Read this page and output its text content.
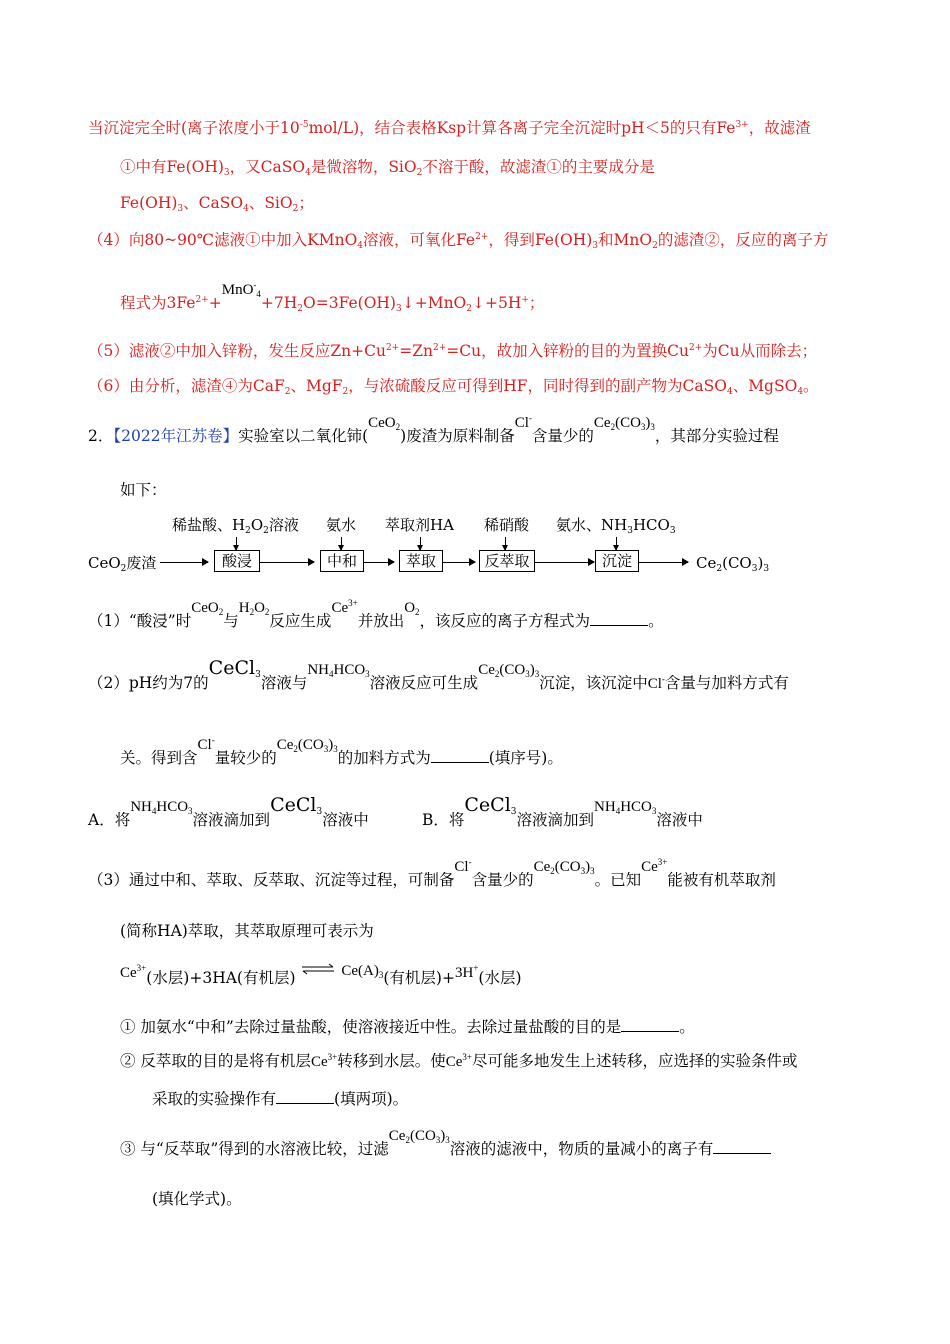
当沉淀完全时(离子浓度小于$10^{-5}mol/L$)，结合表格Ksp计算各离子完全沉淀时pH＜5的只有$Fe^{3+}$，故滤渣
①中有$Fe(OH)_3$，又CaSO$_4$是微溶物，SiO$_2$不溶于酸，故滤渣①的主要成分是
$Fe(OH)_3$、CaSO$_4$、SiO$_2$；
（4）向80~90℃滤液①中加入KMnO$_4$溶液，可氧化$Fe^{2+}$，得到$Fe(OH)_3$和MnO$_2$的滤渣②，反应的离子方
程式为$3Fe^{2+}+MnO^-_4+7H_2O=3Fe(OH)_3↓+MnO_2↓+5H^+$；
（5）滤液②中加入锌粉，发生反应$Zn+Cu^{2+}=Zn^{2+}=Cu$，故加入锌粉的目的为置换$Cu^{2+}$为Cu从而除去；
（6）由分析，滤渣④为CaF$_2$、MgF$_2$，与浓硫酸反应可得到HF，同时得到的副产物为CaSO$_4$、MgSO$_4$。
2．【2022年江苏卷】实验室以二氧化铈(CeO$_2$)废渣为原料制备Cl-含量少的$Ce_2(CO_3)_3$，其部分实验过程
如下：
稀盐酸、$H_2O_2$溶液 氨水 萃取剂HA 稀硝酸 氨水、$NH_3HCO_3$
CeO$_2$废渣	酸浸	中和	萃取	反萃取	沉淀	$Ce_2(CO_3)_3$
（1）“酸浸”时CeO$_2$与$H_2O_2$反应生成$Ce^{3+}$并放出$O_2$，该反应的离子方程式为	。
（2）pH约为7的CeCl$_3$溶液与$NH_4HCO_3$溶液反应可生成$Ce_2(CO_3)_3$沉淀，该沉淀中Cl-含量与加料方式有
关。得到含Cl-量较少的$Ce_2(CO_3)_3$的加料方式为	(填序号)。
A．将$NH_4HCO_3$溶液滴加到CeCl$_3$溶液中	B．将CeCl$_3$溶液滴加到$NH_4HCO_3$溶液中
（3）通过中和、萃取、反萃取、沉淀等过程，可制备Cl-含量少的$Ce_2(CO_3)_3$。已知$Ce^{3+}$能被有机萃取剂
(简称HA)萃取，其萃取原理可表示为
$Ce^{3+}$(水层)+3HA(有机层) ⇌ $Ce(A)_3$(有机层)+3H+(水层)
① 加氨水“中和”去除过量盐酸，使溶液接近中性。去除过量盐酸的目的是	。
② 反萃取的目的是将有机层$Ce^{3+}$转移到水层。使$Ce^{3+}$尽可能多地发生上述转移，应选择的实验条件或
采取的实验操作有	(填两项)。
③ 与“反萃取”得到的水溶液比较，过滤$Ce_2(CO_3)_3$溶液的滤液中，物质的量减小的离子有
(填化学式)。
